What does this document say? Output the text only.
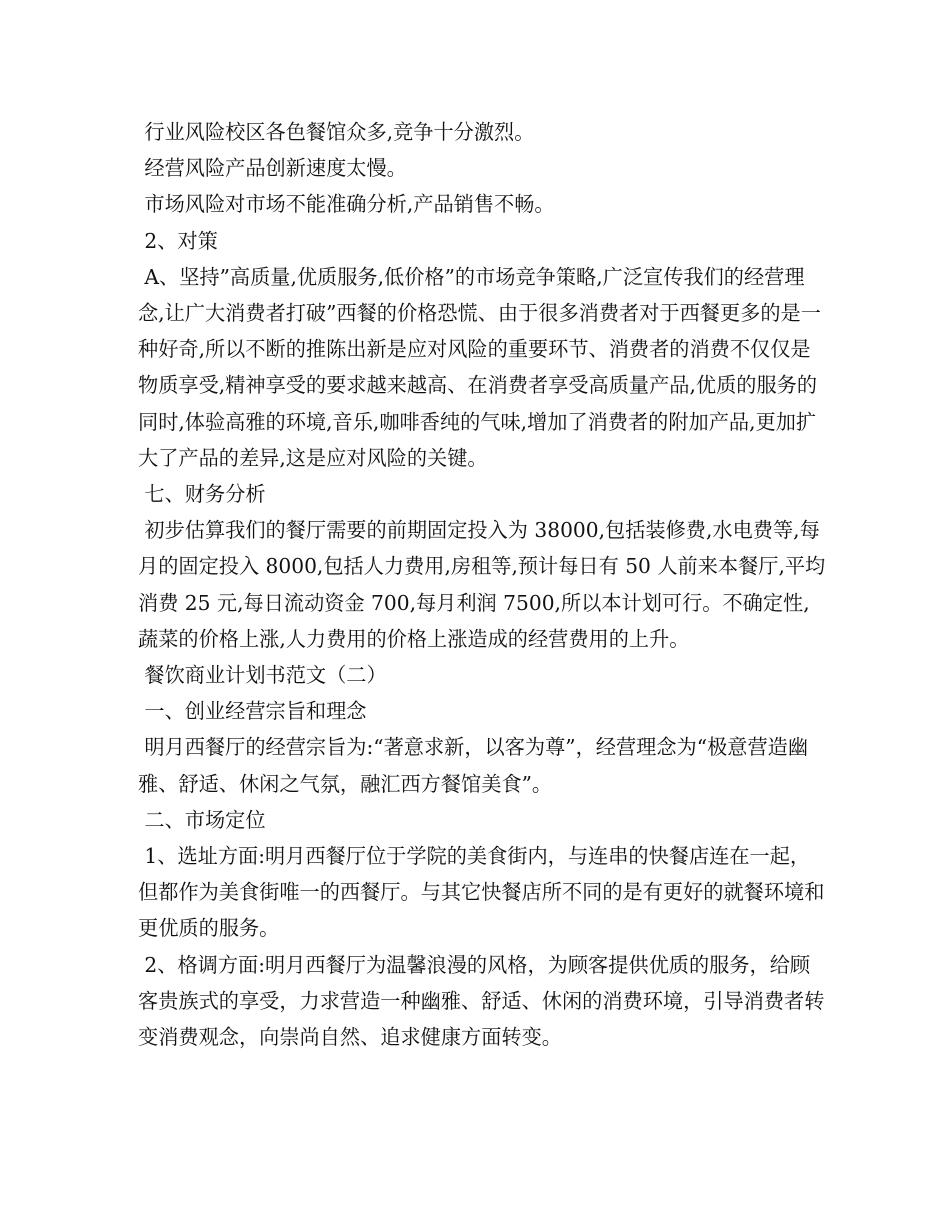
行业风险校区各色餐馆众多,竞争十分激烈。

经营风险产品创新速度太慢。

市场风险对市场不能准确分析,产品销售不畅。

2、对策

A、坚持”高质量,优质服务,低价格”的市场竞争策略,广泛宣传我们的经营理念,让广大消费者打破”西餐的价格恐慌、由于很多消费者对于西餐更多的是一种好奇,所以不断的推陈出新是应对风险的重要环节、消费者的消费不仅仅是物质享受,精神享受的要求越来越高、在消费者享受高质量产品,优质的服务的同时,体验高雅的环境,音乐,咖啡香纯的气味,增加了消费者的附加产品,更加扩大了产品的差异,这是应对风险的关键。

七、财务分析

初步估算我们的餐厅需要的前期固定投入为 38000,包括装修费,水电费等,每月的固定投入 8000,包括人力费用,房租等,预计每日有 50 人前来本餐厅,平均消费 25 元,每日流动资金 700,每月利润 7500,所以本计划可行。不确定性,蔬菜的价格上涨,人力费用的价格上涨造成的经营费用的上升。

餐饮商业计划书范文（二）

一、创业经营宗旨和理念

明月西餐厅的经营宗旨为:“著意求新，以客为尊”，经营理念为“极意营造幽雅、舒适、休闲之气氛，融汇西方餐馆美食”。

二、市场定位

1、选址方面:明月西餐厅位于学院的美食街内，与连串的快餐店连在一起，但都作为美食街唯一的西餐厅。与其它快餐店所不同的是有更好的就餐环境和更优质的服务。

2、格调方面:明月西餐厅为温馨浪漫的风格，为顾客提供优质的服务，给顾客贵族式的享受，力求营造一种幽雅、舒适、休闲的消费环境，引导消费者转变消费观念，向崇尚自然、追求健康方面转变。
